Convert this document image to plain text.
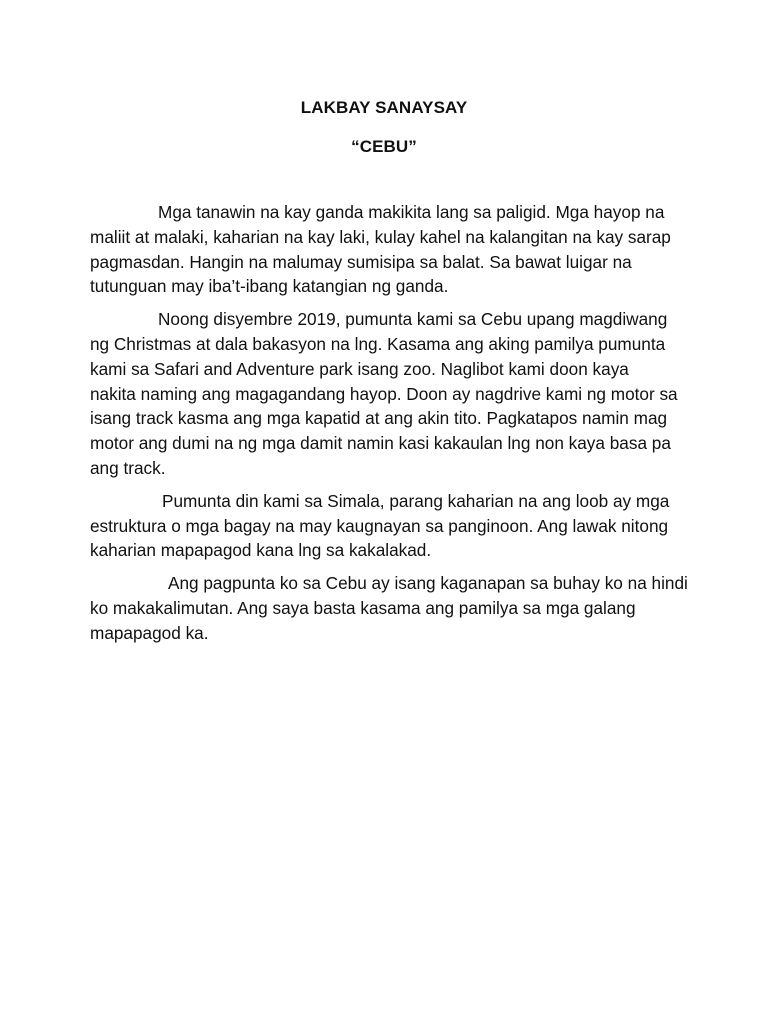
LAKBAY SANAYSAY
“CEBU”

Mga tanawin na kay ganda makikita lang sa paligid. Mga hayop na
maliit at malaki, kaharian na kay laki, kulay kahel na kalangitan na kay sarap
pagmasdan. Hangin na malumay sumisipa sa balat. Sa bawat luigar na
tutunguan may iba’t-ibang katangian ng ganda.

Noong disyembre 2019, pumunta kami sa Cebu upang magdiwang
ng Christmas at dala bakasyon na lng. Kasama ang aking pamilya pumunta
kami sa Safari and Adventure park isang zoo. Naglibot kami doon kaya
nakita naming ang magagandang hayop. Doon ay nagdrive kami ng motor sa
isang track kasma ang mga kapatid at ang akin tito. Pagkatapos namin mag
motor ang dumi na ng mga damit namin kasi kakaulan lng non kaya basa pa
ang track.

Pumunta din kami sa Simala, parang kaharian na ang loob ay mga
estruktura o mga bagay na may kaugnayan sa panginoon. Ang lawak nitong
kaharian mapapagod kana lng sa kakalakad.

Ang pagpunta ko sa Cebu ay isang kaganapan sa buhay ko na hindi
ko makakalimutan. Ang saya basta kasama ang pamilya sa mga galang
mapapagod ka.
